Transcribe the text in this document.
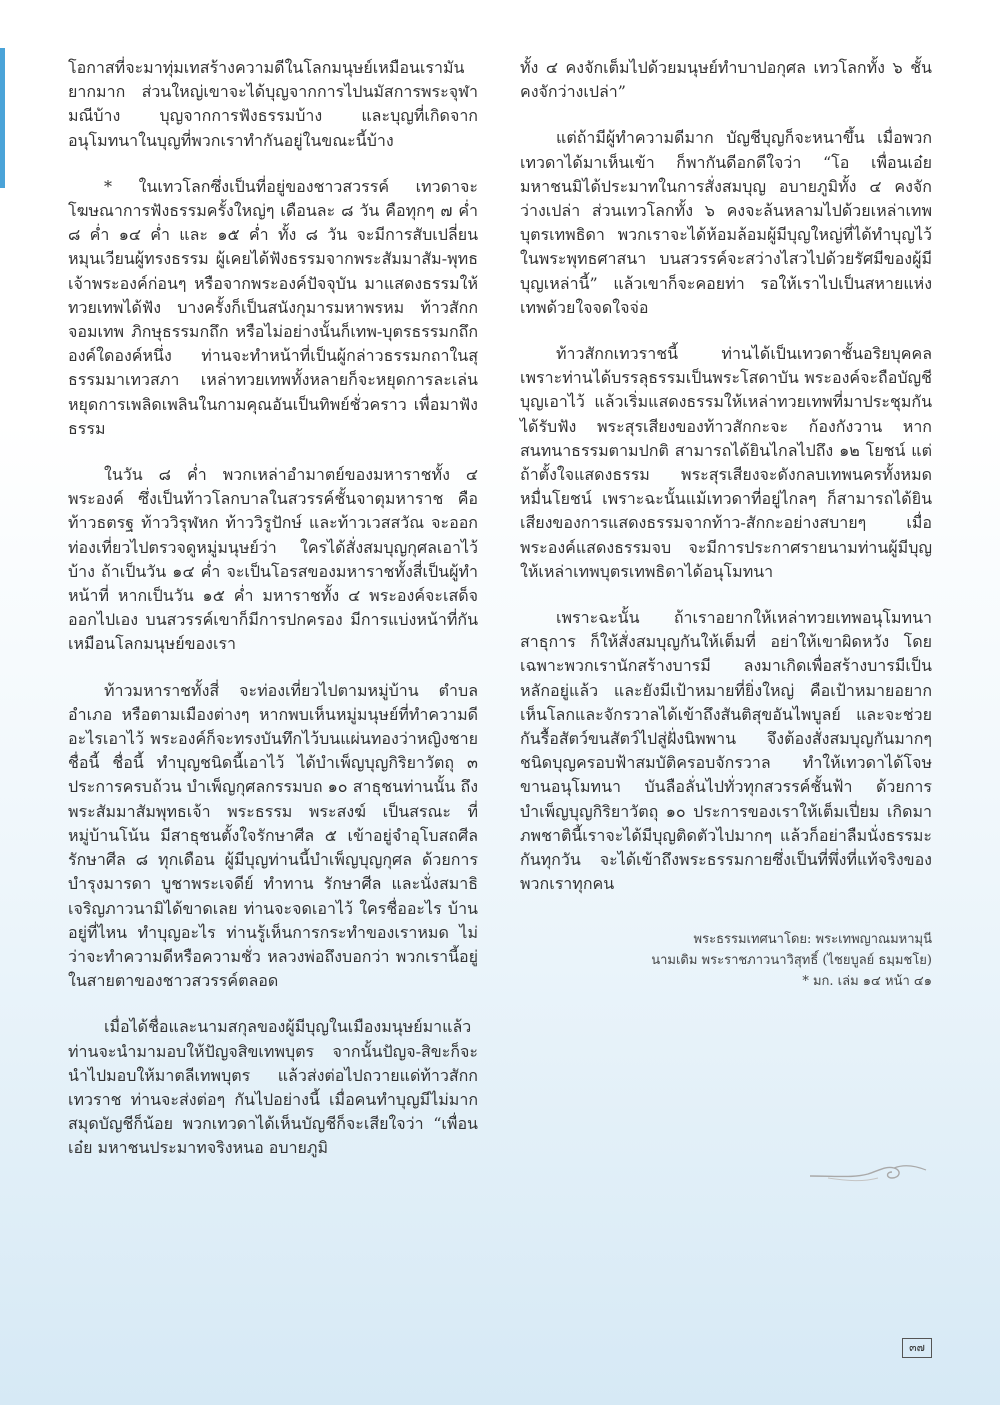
โอกาสที่จะมาทุ่มเทสร้างความดีในโลกมนุษย์เหมือนเรามันยากมาก ส่วนใหญ่เขาจะได้บุญจากการไปนมัสการพระจุฬามณีบ้าง บุญจากการฟังธรรมบ้าง และบุญที่เกิดจากอนุโมทนาในบุญที่พวกเราทำกันอยู่ในขณะนี้บ้าง

* ในเทวโลกซึ่งเป็นที่อยู่ของชาวสวรรค์ เทวดาจะโฆษณาการฟังธรรมครั้งใหญ่ๆ เดือนละ ๘ วัน คือทุกๆ ๗ ค่ำ ๘ ค่ำ ๑๔ ค่ำ และ ๑๕ ค่ำ ทั้ง ๘ วัน จะมีการสับเปลี่ยนหมุนเวียนผู้ทรงธรรม ผู้เคยได้ฟังธรรมจากพระสัมมาสัม-พุทธเจ้าพระองค์ก่อนๆ หรือจากพระองค์ปัจจุบัน มาแสดงธรรมให้ทวยเทพได้ฟัง บางครั้งก็เป็นสนังกุมารมหาพรหม ท้าวสักกจอมเทพ ภิกษุธรรมกถึก หรือไม่อย่างนั้นก็เทพ-บุตรธรรมกถึกองค์ใดองค์หนึ่ง ท่านจะทำหน้าที่เป็นผู้กล่าวธรรมกถาในสุธรรมมาเทวสภา เหล่าทวยเทพทั้งหลายก็จะหยุดการละเล่น หยุดการเพลิดเพลินในกามคุณอันเป็นทิพย์ชั่วคราว เพื่อมาฟังธรรม

ในวัน ๘ ค่ำ พวกเหล่าอำมาตย์ของมหาราชทั้ง ๔ พระองค์ ซึ่งเป็นท้าวโลกบาลในสวรรค์ชั้นจาตุมหาราช คือ ท้าวธตรฐ ท้าววิรุฬหก ท้าววิรูปักษ์ และท้าวเวสสวัณ จะออกท่องเที่ยวไปตรวจดูหมู่มนุษย์ว่า ใครได้สั่งสมบุญกุศลเอาไว้บ้าง ถ้าเป็นวัน ๑๔ ค่ำ จะเป็นโอรสของมหาราชทั้งสี่เป็นผู้ทำหน้าที่ หากเป็นวัน ๑๕ ค่ำ มหาราชทั้ง ๔ พระองค์จะเสด็จออกไปเอง บนสวรรค์เขาก็มีการปกครอง มีการแบ่งหน้าที่กันเหมือนโลกมนุษย์ของเรา

ท้าวมหาราชทั้งสี่ จะท่องเที่ยวไปตามหมู่บ้าน ตำบล อำเภอ หรือตามเมืองต่างๆ หากพบเห็นหมู่มนุษย์ที่ทำความดีอะไรเอาไว้ พระองค์ก็จะทรงบันทึกไว้บนแผ่นทองว่าหญิงชายชื่อนี้ ชื่อนี้ ทำบุญชนิดนี้เอาไว้ ได้บำเพ็ญบุญกิริยาวัตถุ ๓ ประการครบถ้วน บำเพ็ญกุศลกรรมบถ ๑๐ สาธุชนท่านนั้น ถึงพระสัมมาสัมพุทธเจ้า พระธรรม พระสงฆ์ เป็นสรณะ ที่หมู่บ้านโน้น มีสาธุชนตั้งใจรักษาศีล ๕ เข้าอยู่จำอุโบสถศีล รักษาศีล ๘ ทุกเดือน ผู้มีบุญท่านนี้บำเพ็ญบุญกุศล ด้วยการบำรุงมารดา บูชาพระเจดีย์ ทำทาน รักษาศีล และนั่งสมาธิ เจริญภาวนามิได้ขาดเลย ท่านจะจดเอาไว้ ใครชื่ออะไร บ้านอยู่ที่ไหน ทำบุญอะไร ท่านรู้เห็นการกระทำของเราหมด ไม่ว่าจะทำความดีหรือความชั่ว หลวงพ่อถึงบอกว่า พวกเรานี้อยู่ในสายตาของชาวสวรรค์ตลอด

เมื่อได้ชื่อและนามสกุลของผู้มีบุญในเมืองมนุษย์มาแล้ว ท่านจะนำมามอบให้ปัญจสิขเทพบุตร จากนั้นปัญจ-สิขะก็จะนำไปมอบให้มาตลีเทพบุตร แล้วส่งต่อไปถวายแด่ท้าวสักกเทวราช ท่านจะส่งต่อๆ กันไปอย่างนี้ เมื่อคนทำบุญมีไม่มาก สมุดบัญชีก็น้อย พวกเทวดาได้เห็นบัญชีก็จะเสียใจว่า “เพื่อนเอ๋ย มหาชนประมาทจริงหนอ อบายภูมิ

ทั้ง ๔ คงจักเต็มไปด้วยมนุษย์ทำบาปอกุศล เทวโลกทั้ง ๖ ชั้นคงจักว่างเปล่า”

แต่ถ้ามีผู้ทำความดีมาก บัญชีบุญก็จะหนาขึ้น เมื่อพวกเทวดาได้มาเห็นเข้า ก็พากันดีอกดีใจว่า “โอ เพื่อนเอ๋ย มหาชนมิได้ประมาทในการสั่งสมบุญ อบายภูมิทั้ง ๔ คงจักว่างเปล่า ส่วนเทวโลกทั้ง ๖ คงจะล้นหลามไปด้วยเหล่าเทพบุตรเทพธิดา พวกเราจะได้ห้อมล้อมผู้มีบุญใหญ่ที่ได้ทำบุญไว้ในพระพุทธศาสนา บนสวรรค์จะสว่างไสวไปด้วยรัศมีของผู้มีบุญเหล่านี้” แล้วเขาก็จะคอยท่า รอให้เราไปเป็นสหายแห่งเทพด้วยใจจดใจจ่อ

ท้าวสักกเทวราชนี้ ท่านได้เป็นเทวดาชั้นอริยบุคคล เพราะท่านได้บรรลุธรรมเป็นพระโสดาบัน พระองค์จะถือบัญชีบุญเอาไว้ แล้วเริ่มแสดงธรรมให้เหล่าทวยเทพที่มาประชุมกันได้รับฟัง พระสุรเสียงของท้าวสักกะจะ ก้องกังวาน หากสนทนาธรรมตามปกติ สามารถได้ยินไกลไปถึง ๑๒ โยชน์ แต่ถ้าตั้งใจแสดงธรรม พระสุรเสียงจะดังกลบเทพนครทั้งหมดหมื่นโยชน์ เพราะฉะนั้นแม้เทวดาที่อยู่ไกลๆ ก็สามารถได้ยินเสียงของการแสดงธรรมจากท้าว-สักกะอย่างสบายๆ เมื่อพระองค์แสดงธรรมจบ จะมีการประกาศรายนามท่านผู้มีบุญ ให้เหล่าเทพบุตรเทพธิดาได้อนุโมทนา

เพราะฉะนั้น ถ้าเราอยากให้เหล่าทวยเทพอนุโมทนาสาธุการ ก็ให้สั่งสมบุญกันให้เต็มที่ อย่าให้เขาผิดหวัง โดยเฉพาะพวกเรานักสร้างบารมี ลงมาเกิดเพื่อสร้างบารมีเป็นหลักอยู่แล้ว และยังมีเป้าหมายที่ยิ่งใหญ่ คือเป้าหมายอยากเห็นโลกและจักรวาลได้เข้าถึงสันติสุขอันไพบูลย์ และจะช่วยกันรื้อสัตว์ขนสัตว์ไปสู่ฝั่งนิพพาน จึงต้องสั่งสมบุญกันมากๆ ชนิดบุญครอบฟ้าสมบัติครอบจักรวาล ทำให้เทวดาได้โจษขานอนุโมทนา บันลือลั่นไปทั่วทุกสวรรค์ชั้นฟ้า ด้วยการบำเพ็ญบุญกิริยาวัตถุ ๑๐ ประการของเราให้เต็มเปี่ยม เกิดมาภพชาตินี้เราจะได้มีบุญติดตัวไปมากๆ แล้วก็อย่าลืมนั่งธรรมะกันทุกวัน จะได้เข้าถึงพระธรรมกายซึ่งเป็นที่พึ่งที่แท้จริงของพวกเราทุกคน

พระธรรมเทศนาโดย: พระเทพญาณมหามุนี
นามเดิม พระราชภาวนาวิสุทธิ์ (ไชยบูลย์ ธมฺมชโย)
* มก. เล่ม ๑๔ หน้า ๔๑
๓๗
